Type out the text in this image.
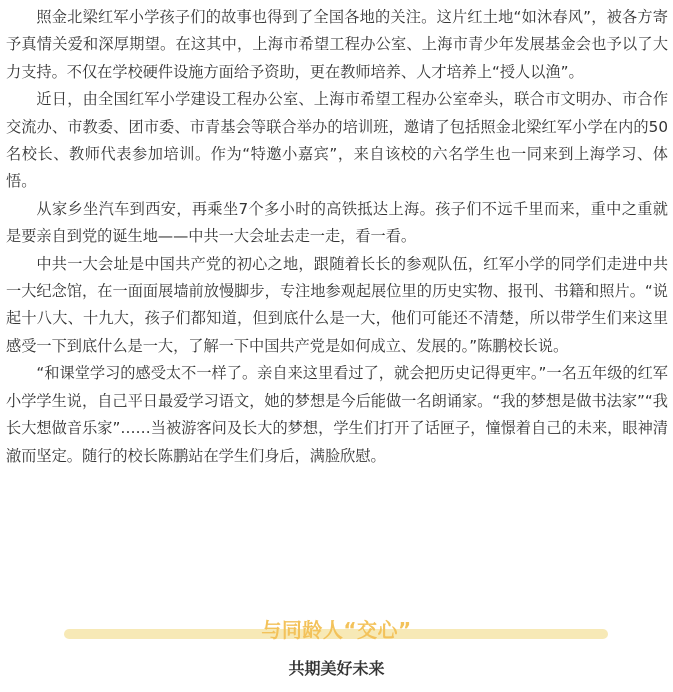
照金北梁红军小学孩子们的故事也得到了全国各地的关注。这片红土地“如沐春风”，被各方寄予真情关爱和深厚期望。在这其中，上海市希望工程办公室、上海市青少年发展基金会也予以了大力支持。不仅在学校硬件设施方面给予资助，更在教师培养、人才培养上“授人以渔”。

近日，由全国红军小学建设工程办公室、上海市希望工程办公室牵头，联合市文明办、市合作交流办、市教委、团市委、市青基会等联合举办的培训班，邀请了包括照金北梁红军小学在内的50名校长、教师代表参加培训。作为“特邀小嘉宾”，来自该校的六名学生也一同来到上海学习、体悟。

从家乡坐汽车到西安，再乘坐7个多小时的高铁抵达上海。孩子们不远千里而来，重中之重就是要亲自到党的诞生地——中共一大会址去走一走，看一看。

中共一大会址是中国共产党的初心之地，跟随着长长的参观队伍，红军小学的同学们走进中共一大纪念馆，在一面面展墙前放慢脚步，专注地参观起展位里的历史实物、报刊、书籍和照片。“说起十八大、十九大，孩子们都知道，但到底什么是一大，他们可能还不清楚，所以带学生们来这里感受一下到底什么是一大，了解一下中国共产党是如何成立、发展的。”陈鹏校长说。

“和课堂学习的感受太不一样了。亲自来这里看过了，就会把历史记得更牢。”一名五年级的红军小学学生说，自己平日最爱学习语文，她的梦想是今后能做一名朗诵家。“我的梦想是做书法家”“我长大想做音乐家”……当被游客问及长大的梦想，学生们打开了话匣子，憧憬着自己的未来，眼神清澈而坚定。随行的校长陈鹏站在学生们身后，满脸欣慰。

与同龄人“交心”
共期美好未来
